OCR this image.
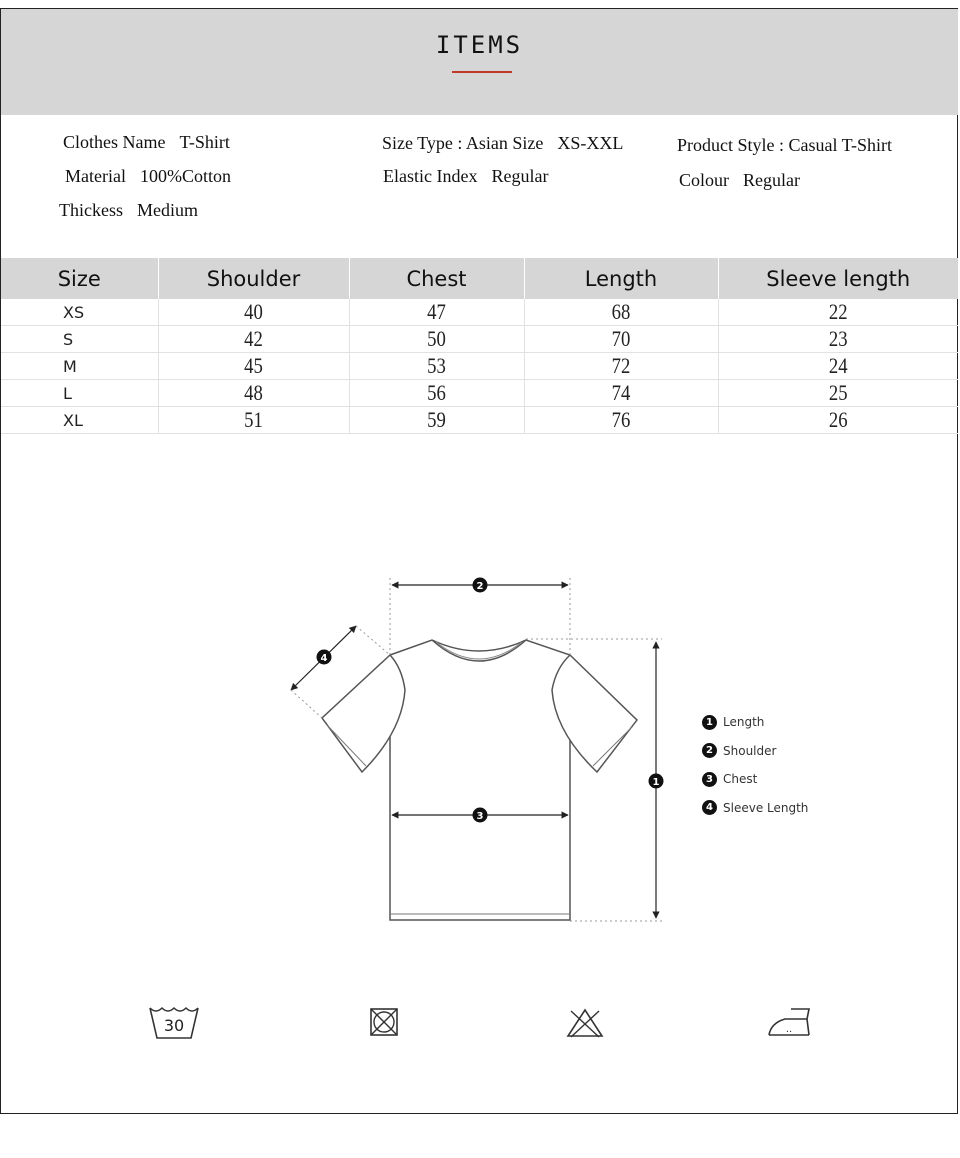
ITEMS
Clothes Name T-Shirt
Material 100%Cotton
Thickess Medium
Size Type : Asian Size XS-XXL
Elastic Index Regular
Product Style : Casual T-Shirt
Colour Regular
Size	Shoulder	Chest	Length	Sleeve length
XS	40	47	68	22
S	42	50	70	23
M	45	53	72	24
L	48	56	74	25
XL	51	59	76	26
1
2
3
4
1 Length
2 Shoulder
3 Chest
4 Sleeve Length
30	..
